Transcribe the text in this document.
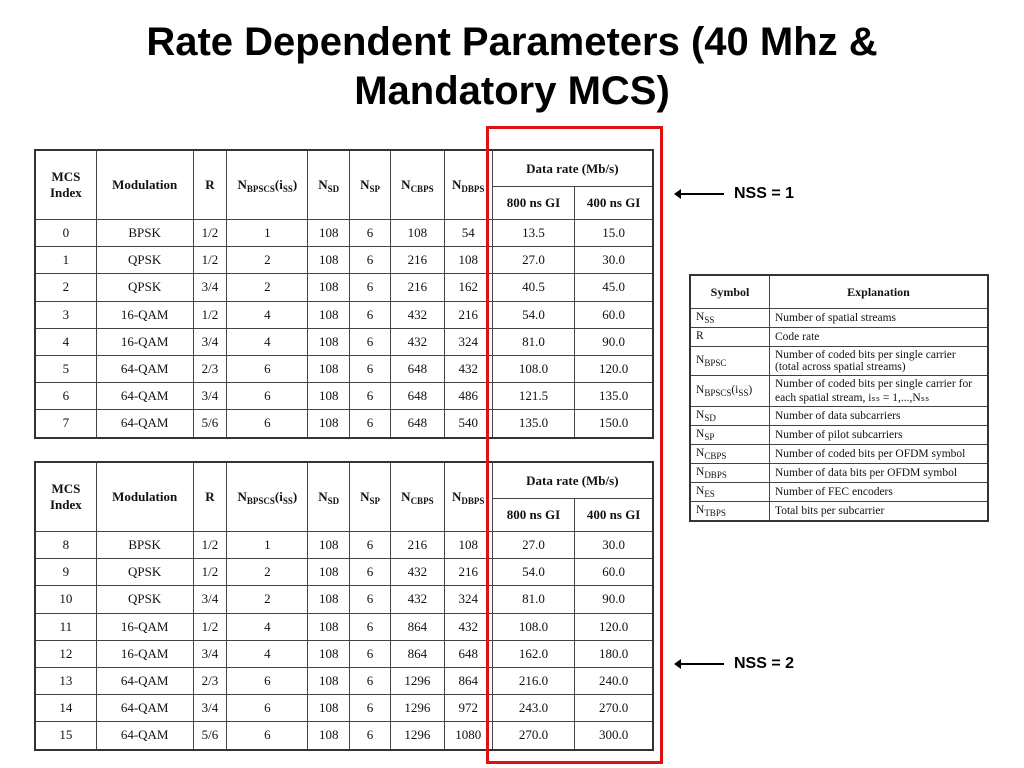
Rate Dependent Parameters (40 Mhz &
Mandatory MCS)
MCS Index	Modulation	R	$N_{BPSCS}(i_{SS})$	$N_{SD}$	$N_{SP}$	$N_{CBPS}$	$N_{DBPS}$	Data rate (Mb/s)	
								800 ns GI	400 ns GI
0	BPSK	1/2	1	108	6	108	54	13.5	15.0
1	QPSK	1/2	2	108	6	216	108	27.0	30.0
2	QPSK	3/4	2	108	6	216	162	40.5	45.0
3	16-QAM	1/2	4	108	6	432	216	54.0	60.0
4	16-QAM	3/4	4	108	6	432	324	81.0	90.0
5	64-QAM	2/3	6	108	6	648	432	108.0	120.0
6	64-QAM	3/4	6	108	6	648	486	121.5	135.0
7	64-QAM	5/6	6	108	6	648	540	135.0	150.0
MCS Index	Modulation	R	$N_{BPSCS}(i_{SS})$	$N_{SD}$	$N_{SP}$	$N_{CBPS}$	$N_{DBPS}$	Data rate (Mb/s)	
								800 ns GI	400 ns GI
8	BPSK	1/2	1	108	6	216	108	27.0	30.0
9	QPSK	1/2	2	108	6	432	216	54.0	60.0
10	QPSK	3/4	2	108	6	432	324	81.0	90.0
11	16-QAM	1/2	4	108	6	864	432	108.0	120.0
12	16-QAM	3/4	4	108	6	864	648	162.0	180.0
13	64-QAM	2/3	6	108	6	1296	864	216.0	240.0
14	64-QAM	3/4	6	108	6	1296	972	243.0	270.0
15	64-QAM	5/6	6	108	6	1296	1080	270.0	300.0
Symbol	Explanation
$N_{SS}$	Number of spatial streams
R	Code rate
$N_{BPSC}$	Number of coded bits per single carrier (total across spatial streams)
$N_{BPSCS}(i_{SS})$	Number of coded bits per single carrier for each spatial stream, iₛₛ = 1,...,Nₛₛ
$N_{SD}$	Number of data subcarriers
$N_{SP}$	Number of pilot subcarriers
$N_{CBPS}$	Number of coded bits per OFDM symbol
$N_{DBPS}$	Number of data bits per OFDM symbol
$N_{ES}$	Number of FEC encoders
$N_{TBPS}$	Total bits per subcarrier
NSS = 1
NSS = 2
